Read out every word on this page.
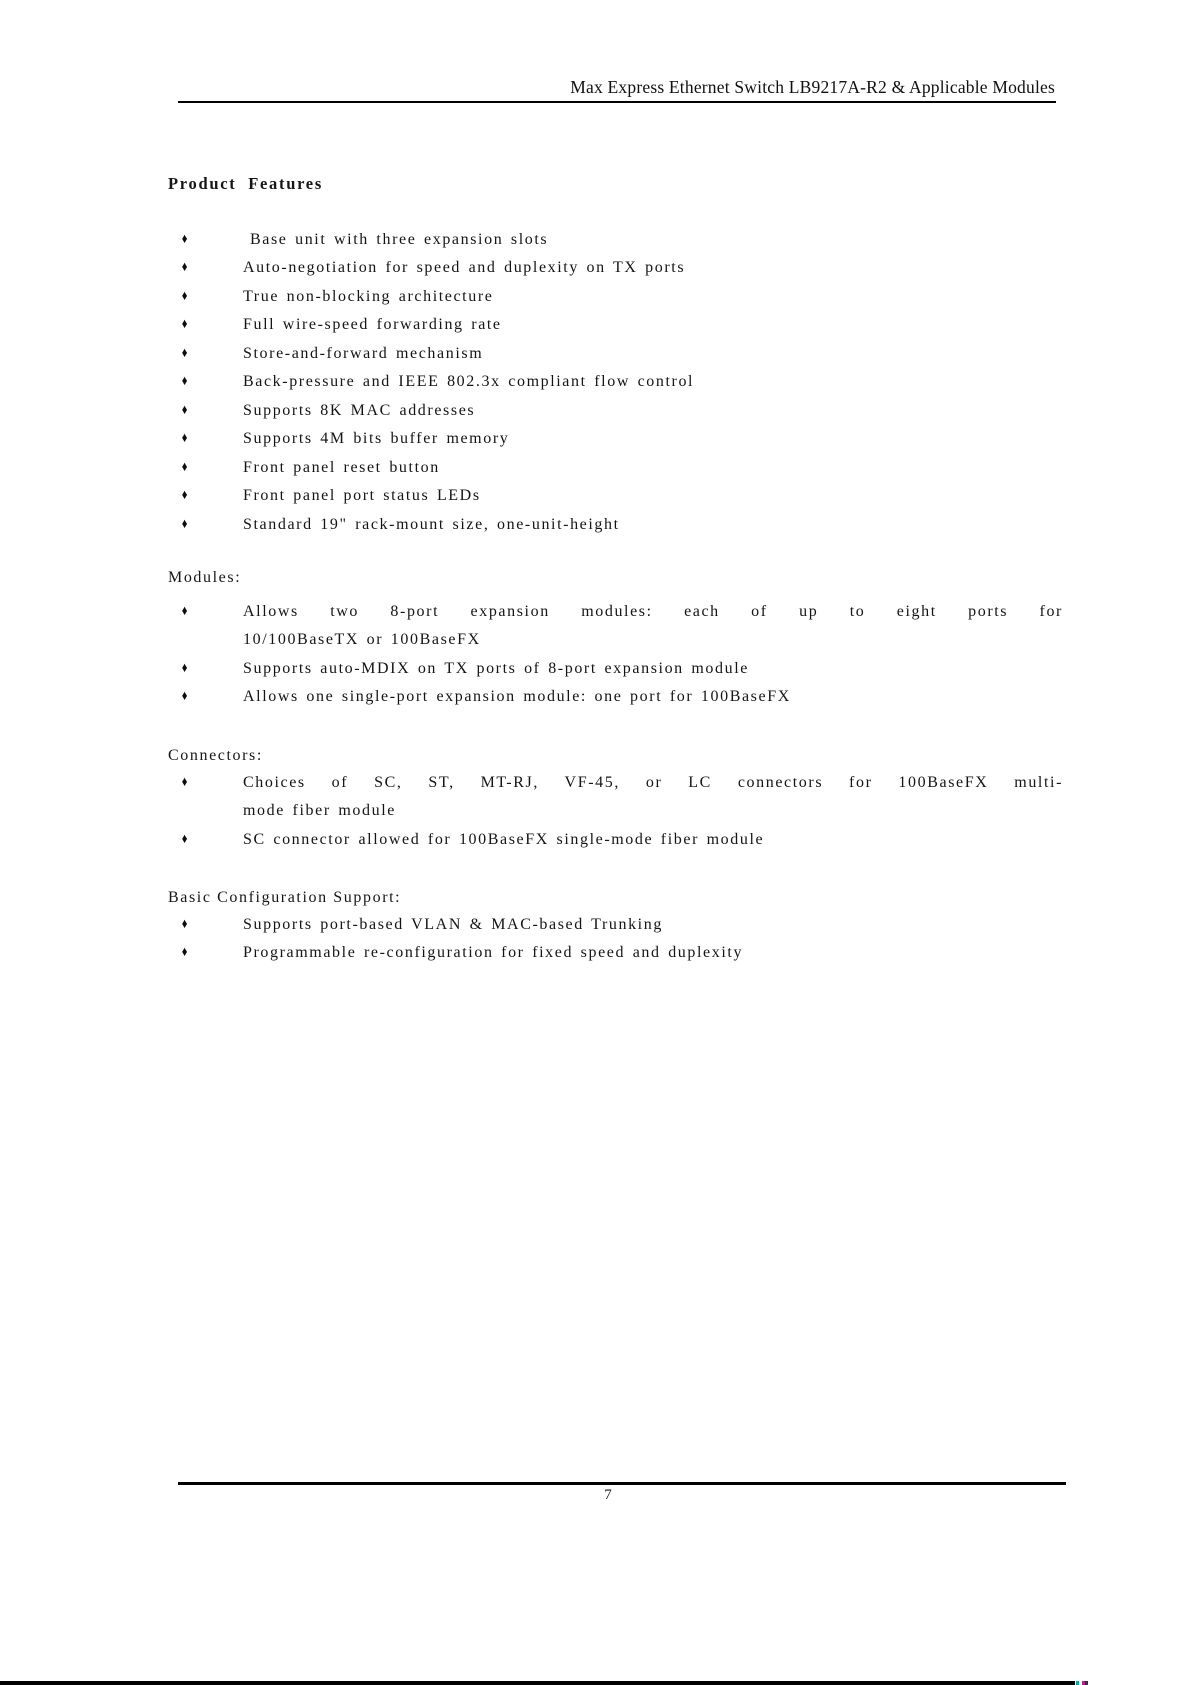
Max Express Ethernet Switch LB9217A-R2 & Applicable Modules
Product Features
♦	Base unit with three expansion slots
♦	Auto-negotiation for speed and duplexity on TX ports
♦	True non-blocking architecture
♦	Full wire-speed forwarding rate
♦	Store-and-forward mechanism
♦	Back-pressure and IEEE 802.3x compliant flow control
♦	Supports 8K MAC addresses
♦	Supports 4M bits buffer memory
♦	Front panel reset button
♦	Front panel port status LEDs
♦	Standard 19" rack-mount size, one-unit-height
Modules:
♦	Allows two 8-port expansion modules: each of up to eight ports for
10/100BaseTX or 100BaseFX
♦	Supports auto-MDIX on TX ports of 8-port expansion module
♦	Allows one single-port expansion module: one port for 100BaseFX
Connectors:
♦	Choices of SC, ST, MT-RJ, VF-45, or LC connectors for 100BaseFX multi-
mode fiber module
♦	SC connector allowed for 100BaseFX single-mode fiber module
Basic Configuration Support:
♦	Supports port-based VLAN & MAC-based Trunking
♦	Programmable re-configuration for fixed speed and duplexity
7
